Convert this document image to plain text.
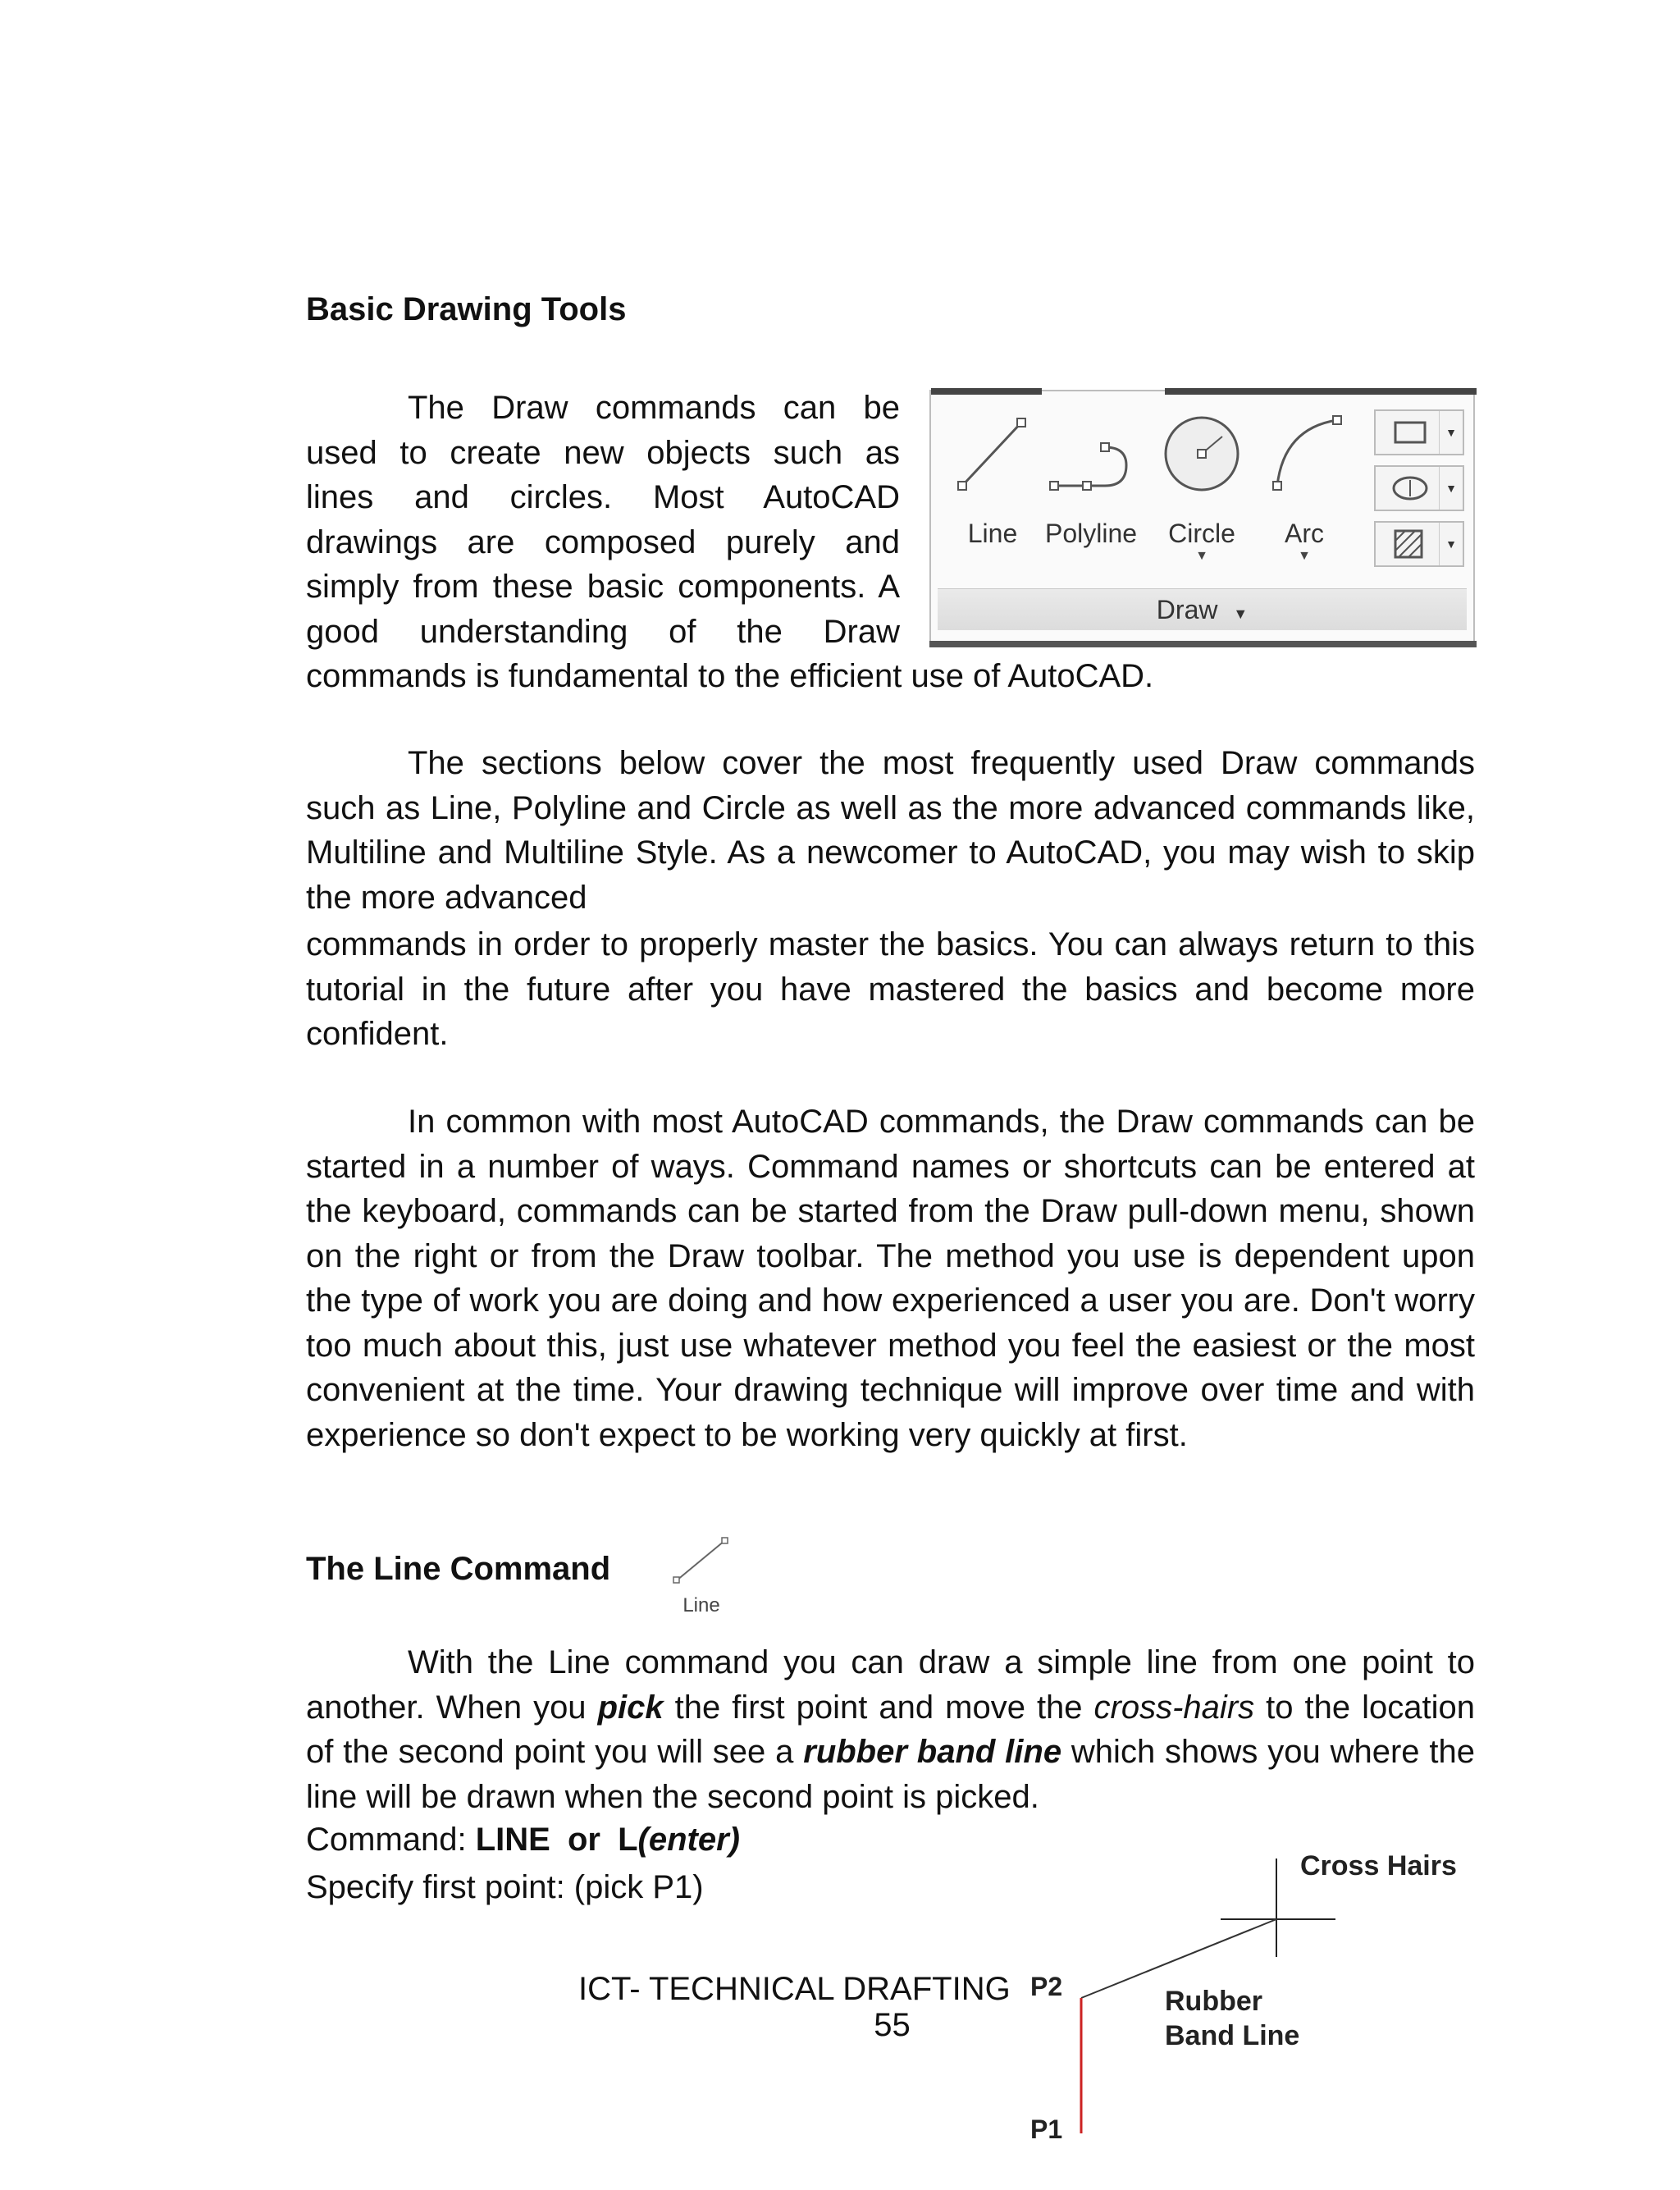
Basic Drawing Tools
The Draw commands can be
used to create new objects such as
lines and circles. Most AutoCAD
drawings are composed purely and
simply from these basic components. A
good understanding of the Draw
commands is fundamental to the efficient use of AutoCAD.
Line	Polyline	Circle
▼
Arc
▼
▼
▼
▼
Draw ▼
The sections below cover the most frequently used Draw commands such as Line, Polyline and Circle as well as the more advanced commands like, Multiline and Multiline Style. As a newcomer to AutoCAD, you may wish to skip the more advanced
commands in order to properly master the basics. You can always return to this tutorial in the future after you have mastered the basics and become more confident.
In common with most AutoCAD commands, the Draw commands can be started in a number of ways. Command names or shortcuts can be entered at the keyboard, commands can be started from the Draw pull-down menu, shown on the right or from the Draw toolbar. The method you use is dependent upon the type of work you are doing and how experienced a user you are. Don't worry too much about this, just use whatever method you feel the easiest or the most convenient at the time. Your drawing technique will improve over time and with experience so don't expect to be working very quickly at first.
The Line Command
Line
With the Line command you can draw a simple line from one point to another. When you pick the first point and move the cross-hairs to the location of the second point you will see a rubber band line which shows you where the line will be drawn when the second point is picked.
Command: LINE or L(enter)
Specify first point: (pick P1)
Cross Hairs
Rubber
Band Line
P2
P1
ICT- TECHNICAL DRAFTING
55
